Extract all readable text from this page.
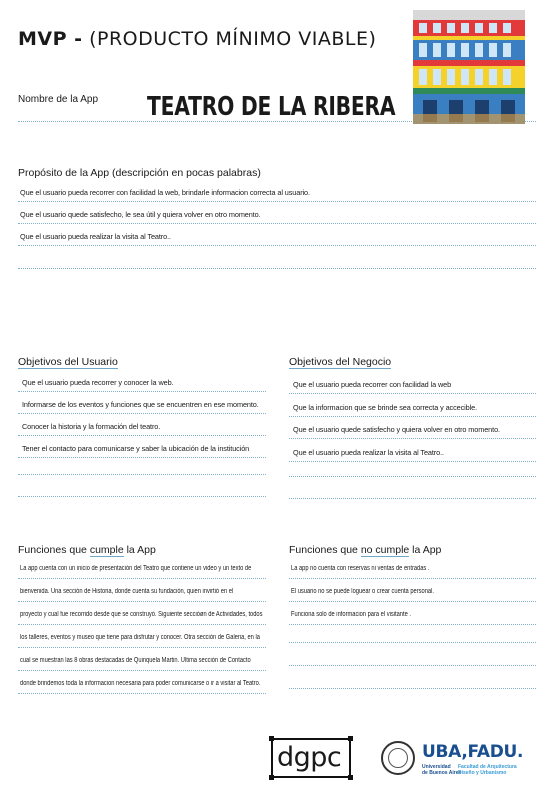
MVP - (PRODUCTO MÍNIMO VIABLE)
Nombre de la App TEATRO DE LA RIBERA
Propósito de la App (descripción en pocas palabras)
Que el usuario pueda recorrer con facilidad la web, brindarle informacion correcta al usuario.
Que el usuario quede satisfecho, le sea útil y quiera volver en otro momento.
Que el usuario pueda realizar la visita al Teatro..
Objetivos del Usuario
Que el usuario pueda recorrer y conocer la web.
Informarse de los eventos y funciones que se encuentren en ese momento.
Conocer la historia y la formación del teatro.
Tener el contacto para comunicarse y saber la ubicación de la institución
Objetivos del Negocio
Que el usuario pueda recorrer con facilidad la web
Que la informacion que se brinde sea correcta y accecible.
Que el usuario quede satisfecho y quiera volver en otro momento.
Que el usuario pueda realizar la visita al Teatro..
Funciones que cumple la App
La app cuenta con un inicio de presentación del Teatro que contiene un video y un texto de
bienvenida. Una sección de Historia, donde cuenta su fundación, quien invirtió en el
proyecto y cual fue recorrido desde que se construyó. Siguiente seccióøn de Actividades, todos
los talleres, eventos y museo que tiene para disfrutar y conocer. Otra sección de Galeria, en la
cual se muestran las 8 obras destacadas de Quinquela Martin. Ultima sección de Contacto
donde brindemos toda la informacion necesaria para poder comunicarse o ir a visitar al Teatro.
Funciones que no cumple la App
La app no cuenta con reservas ni ventas de entradas .
El usuario no se puede loguear o crear cuenta personal.
Funciona solo de informacion para el visitante .
dgpc	UBA,FADU.
Universidad
de Buenos Aires
Facultad de Arquitectura
Diseño y Urbanismo
